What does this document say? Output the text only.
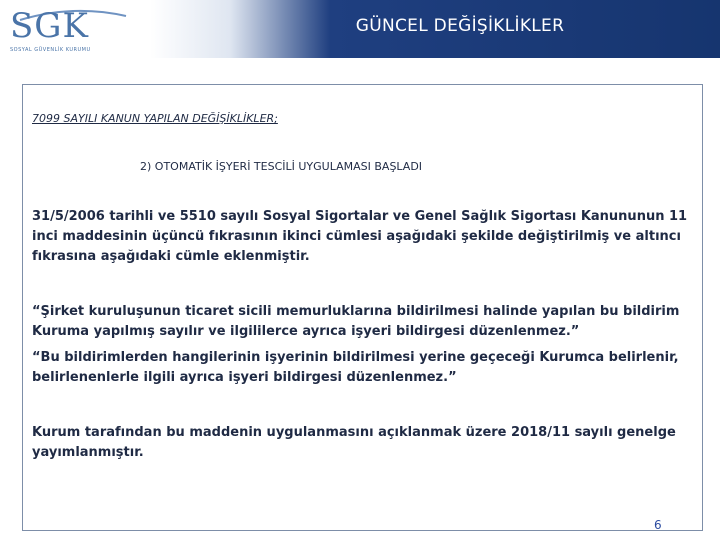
SGK
SOSYAL GÜVENLİK KURUMU
GÜNCEL DEĞİŞİKLİKLER
7099 SAYILI KANUN YAPILAN DEĞİŞİKLİKLER;
2) OTOMATİK İŞYERİ TESCİLİ UYGULAMASI BAŞLADI
31/5/2006 tarihli ve 5510 sayılı Sosyal Sigortalar ve Genel Sağlık Sigortası Kanununun 11 inci maddesinin üçüncü fıkrasının ikinci cümlesi aşağıdaki şekilde değiştirilmiş ve altıncı fıkrasına aşağıdaki cümle eklenmiştir.
“Şirket kuruluşunun ticaret sicili memurluklarına bildirilmesi halinde yapılan bu bildirim Kuruma yapılmış sayılır ve ilgililerce ayrıca işyeri bildirgesi düzenlenmez.”
“Bu bildirimlerden hangilerinin işyerinin bildirilmesi yerine geçeceği Kurumca belirlenir, belirlenenlerle ilgili ayrıca işyeri bildirgesi düzenlenmez.”
Kurum tarafından bu maddenin uygulanmasını açıklanmak üzere 2018/11 sayılı genelge yayımlanmıştır.
6
